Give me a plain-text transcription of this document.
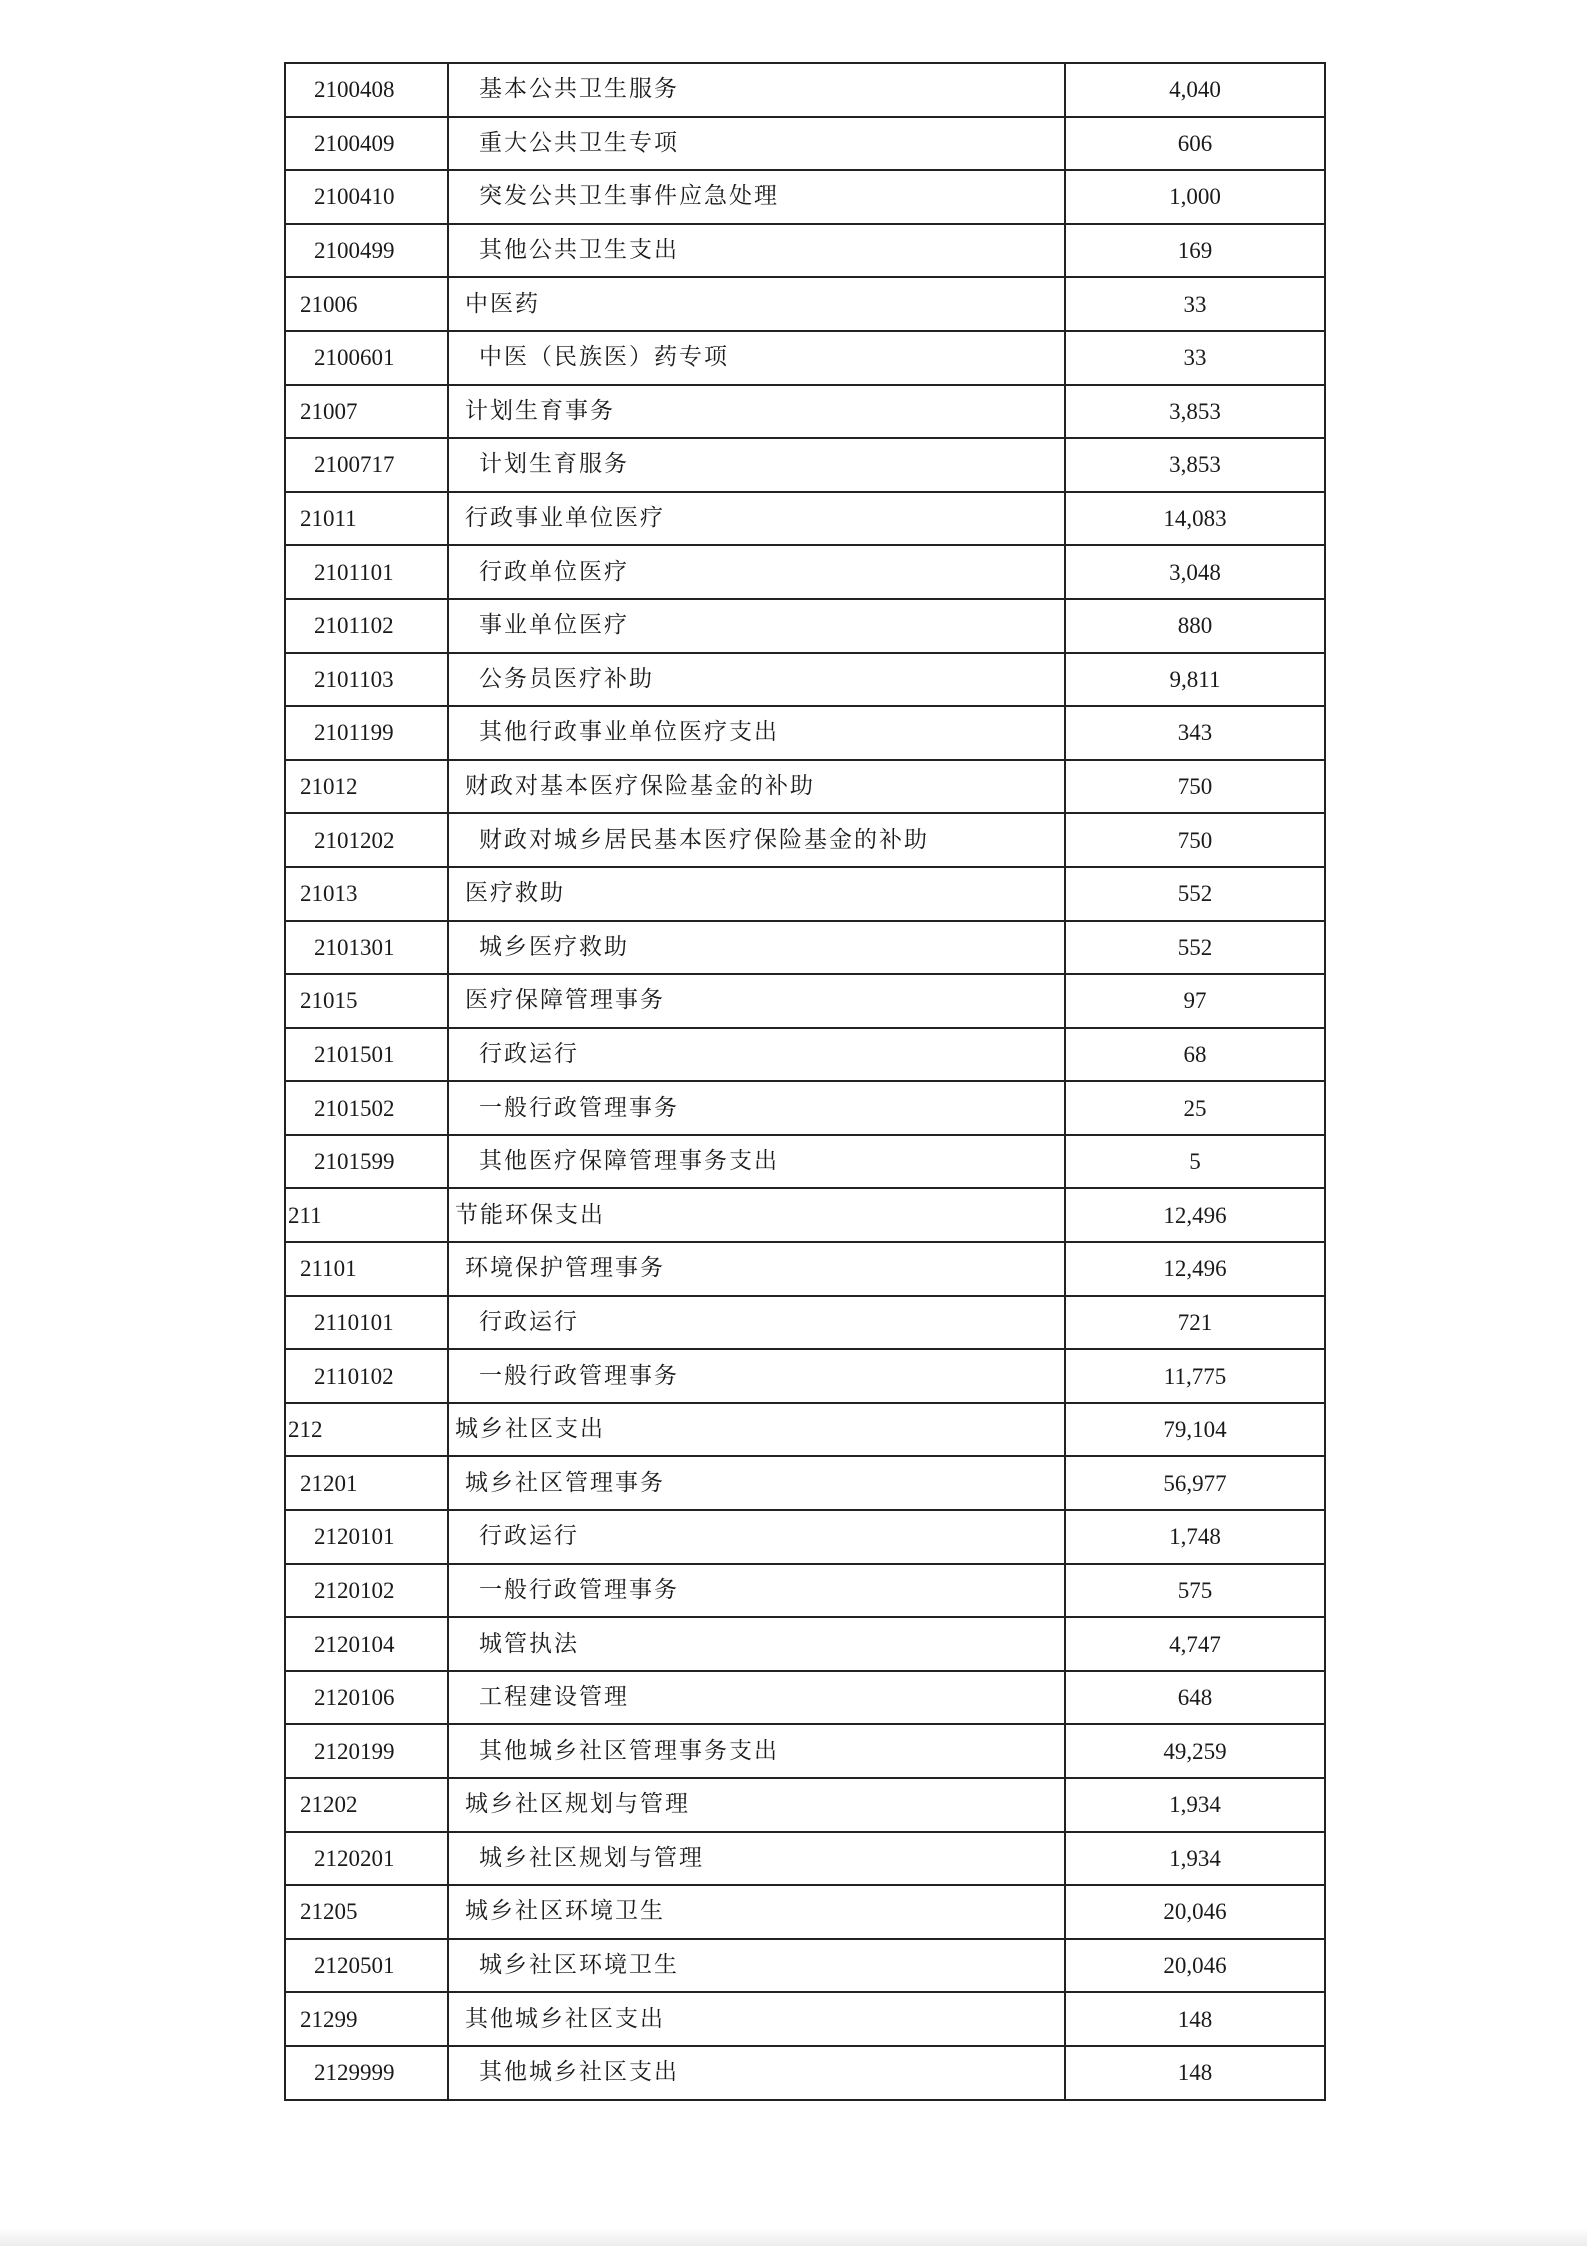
2100408	基本公共卫生服务	4,040
2100409	重大公共卫生专项	606
2100410	突发公共卫生事件应急处理	1,000
2100499	其他公共卫生支出	169
21006	中医药	33
2100601	中医（民族医）药专项	33
21007	计划生育事务	3,853
2100717	计划生育服务	3,853
21011	行政事业单位医疗	14,083
2101101	行政单位医疗	3,048
2101102	事业单位医疗	880
2101103	公务员医疗补助	9,811
2101199	其他行政事业单位医疗支出	343
21012	财政对基本医疗保险基金的补助	750
2101202	财政对城乡居民基本医疗保险基金的补助	750
21013	医疗救助	552
2101301	城乡医疗救助	552
21015	医疗保障管理事务	97
2101501	行政运行	68
2101502	一般行政管理事务	25
2101599	其他医疗保障管理事务支出	5
211	节能环保支出	12,496
21101	环境保护管理事务	12,496
2110101	行政运行	721
2110102	一般行政管理事务	11,775
212	城乡社区支出	79,104
21201	城乡社区管理事务	56,977
2120101	行政运行	1,748
2120102	一般行政管理事务	575
2120104	城管执法	4,747
2120106	工程建设管理	648
2120199	其他城乡社区管理事务支出	49,259
21202	城乡社区规划与管理	1,934
2120201	城乡社区规划与管理	1,934
21205	城乡社区环境卫生	20,046
2120501	城乡社区环境卫生	20,046
21299	其他城乡社区支出	148
2129999	其他城乡社区支出	148
